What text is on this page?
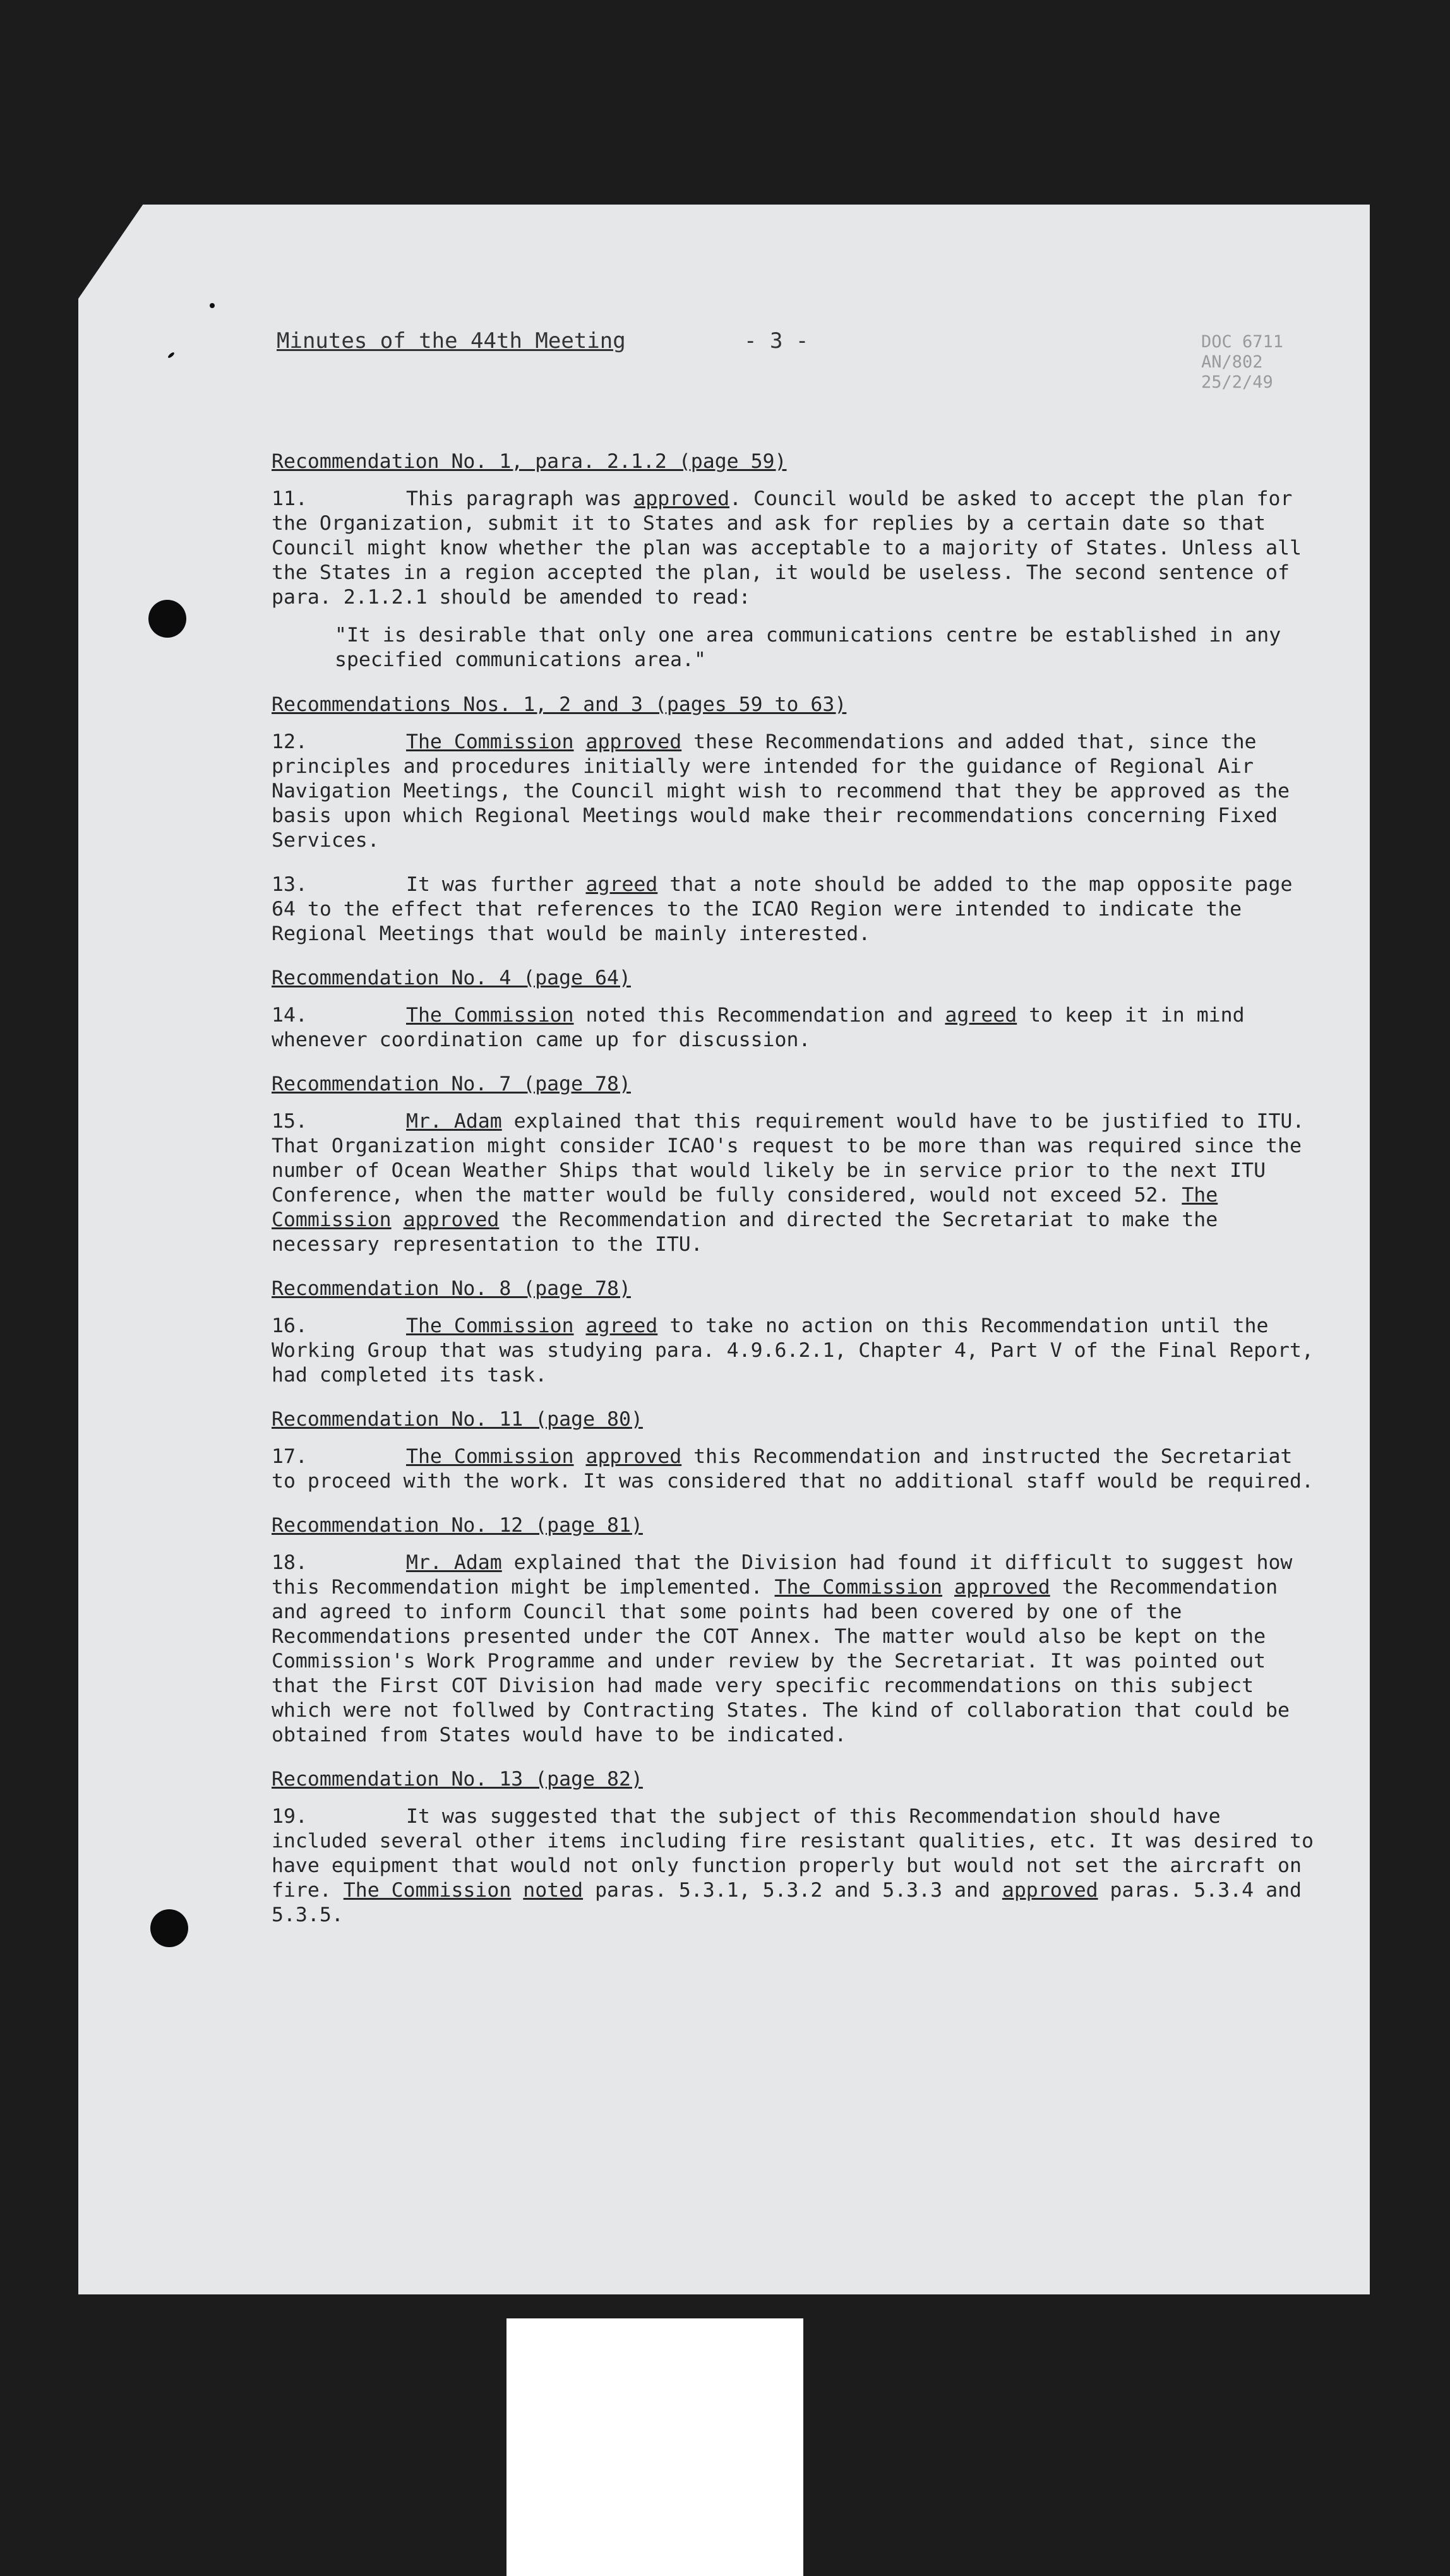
Minutes of the 44th Meeting	- 3 -	DOC 6711
AN/802
25/2/49
Recommendation No. 1, para. 2.1.2 (page 59)
11.	This paragraph was approved. Council would be asked to accept the plan for the Organization, submit it to States and ask for replies by a certain date so that Council might know whether the plan was acceptable to a majority of States. Unless all the States in a region accepted the plan, it would be useless. The second sentence of para. 2.1.2.1 should be amended to read:
"It is desirable that only one area communications centre be established in any specified communications area."
Recommendations Nos. 1, 2 and 3 (pages 59 to 63)
12.	The Commission approved these Recommendations and added that, since the principles and procedures initially were intended for the guidance of Regional Air Navigation Meetings, the Council might wish to recommend that they be approved as the basis upon which Regional Meetings would make their recommendations concerning Fixed Services.
13.	It was further agreed that a note should be added to the map opposite page 64 to the effect that references to the ICAO Region were intended to indicate the Regional Meetings that would be mainly interested.
Recommendation No. 4 (page 64)
14.	The Commission noted this Recommendation and agreed to keep it in mind whenever coordination came up for discussion.
Recommendation No. 7 (page 78)
15.	Mr. Adam explained that this requirement would have to be justified to ITU. That Organization might consider ICAO's request to be more than was required since the number of Ocean Weather Ships that would likely be in service prior to the next ITU Conference, when the matter would be fully considered, would not exceed 52. The Commission approved the Recommendation and directed the Secretariat to make the necessary representation to the ITU.
Recommendation No. 8 (page 78)
16.	The Commission agreed to take no action on this Recommendation until the Working Group that was studying para. 4.9.6.2.1, Chapter 4, Part V of the Final Report, had completed its task.
Recommendation No. 11 (page 80)
17.	The Commission approved this Recommendation and instructed the Secretariat to proceed with the work. It was considered that no additional staff would be required.
Recommendation No. 12 (page 81)
18.	Mr. Adam explained that the Division had found it difficult to suggest how this Recommendation might be implemented. The Commission approved the Recommendation and agreed to inform Council that some points had been covered by one of the Recommendations presented under the COT Annex. The matter would also be kept on the Commission's Work Programme and under review by the Secretariat. It was pointed out that the First COT Division had made very specific recommendations on this subject which were not follwed by Contracting States. The kind of collaboration that could be obtained from States would have to be indicated.
Recommendation No. 13 (page 82)
19.	It was suggested that the subject of this Recommendation should have included several other items including fire resistant qualities, etc. It was desired to have equipment that would not only function properly but would not set the aircraft on fire. The Commission noted paras. 5.3.1, 5.3.2 and 5.3.3 and approved paras. 5.3.4 and 5.3.5.
